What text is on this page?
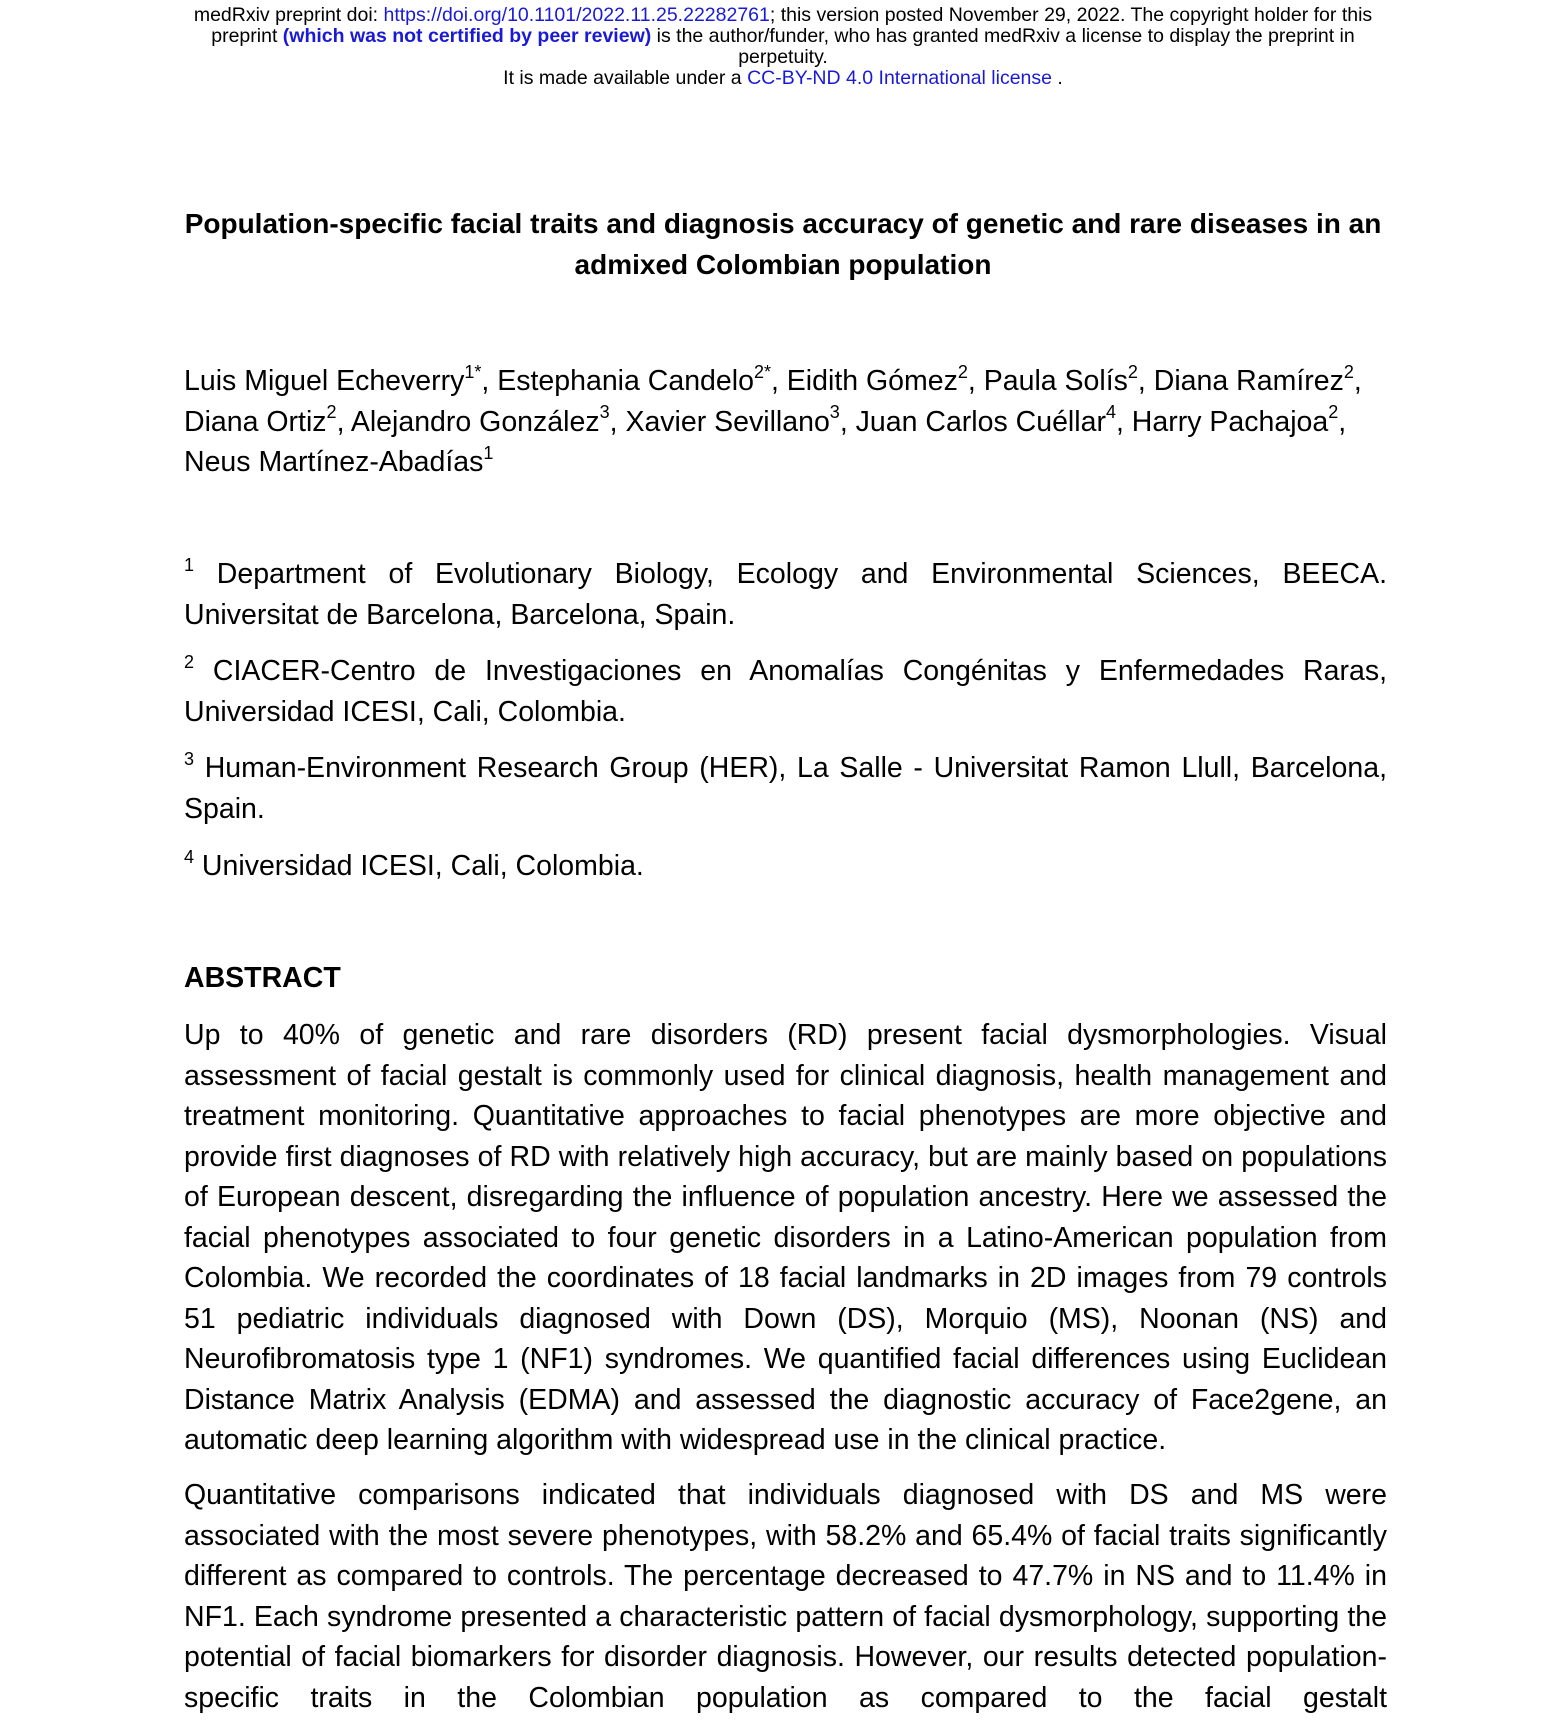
medRxiv preprint doi: https://doi.org/10.1101/2022.11.25.22282761; this version posted November 29, 2022. The copyright holder for this
preprint (which was not certified by peer review) is the author/funder, who has granted medRxiv a license to display the preprint in
perpetuity.
It is made available under a CC-BY-ND 4.0 International license .
Population-specific facial traits and diagnosis accuracy of genetic and rare diseases in an admixed Colombian population
Luis Miguel Echeverry$^{1*}$, Estephania Candelo$^{2*}$, Eidith Gómez$^2$, Paula Solís$^2$, Diana Ramírez$^2$, Diana Ortiz$^2$, Alejandro González$^3$, Xavier Sevillano$^3$, Juan Carlos Cuéllar$^4$, Harry Pachajoa$^2$, Neus Martínez-Abadías$^1$
$^1$ Department of Evolutionary Biology, Ecology and Environmental Sciences, BEECA. Universitat de Barcelona, Barcelona, Spain.
$^2$ CIACER-Centro de Investigaciones en Anomalías Congénitas y Enfermedades Raras, Universidad ICESI, Cali, Colombia.
$^3$ Human-Environment Research Group (HER), La Salle - Universitat Ramon Llull, Barcelona, Spain.
$^4$ Universidad ICESI, Cali, Colombia.
ABSTRACT
Up to 40% of genetic and rare disorders (RD) present facial dysmorphologies. Visual assessment of facial gestalt is commonly used for clinical diagnosis, health management and treatment monitoring. Quantitative approaches to facial phenotypes are more objective and provide first diagnoses of RD with relatively high accuracy, but are mainly based on populations of European descent, disregarding the influence of population ancestry. Here we assessed the facial phenotypes associated to four genetic disorders in a Latino-American population from Colombia. We recorded the coordinates of 18 facial landmarks in 2D images from 79 controls 51 pediatric individuals diagnosed with Down (DS), Morquio (MS), Noonan (NS) and Neurofibromatosis type 1 (NF1) syndromes. We quantified facial differences using Euclidean Distance Matrix Analysis (EDMA) and assessed the diagnostic accuracy of Face2gene, an automatic deep learning algorithm with widespread use in the clinical practice.
Quantitative comparisons indicated that individuals diagnosed with DS and MS were associated with the most severe phenotypes, with 58.2% and 65.4% of facial traits significantly different as compared to controls. The percentage decreased to 47.7% in NS and to 11.4% in NF1. Each syndrome presented a characteristic pattern of facial dysmorphology, supporting the potential of facial biomarkers for disorder diagnosis. However, our results detected population-specific traits in the Colombian population as compared to the facial gestalt
